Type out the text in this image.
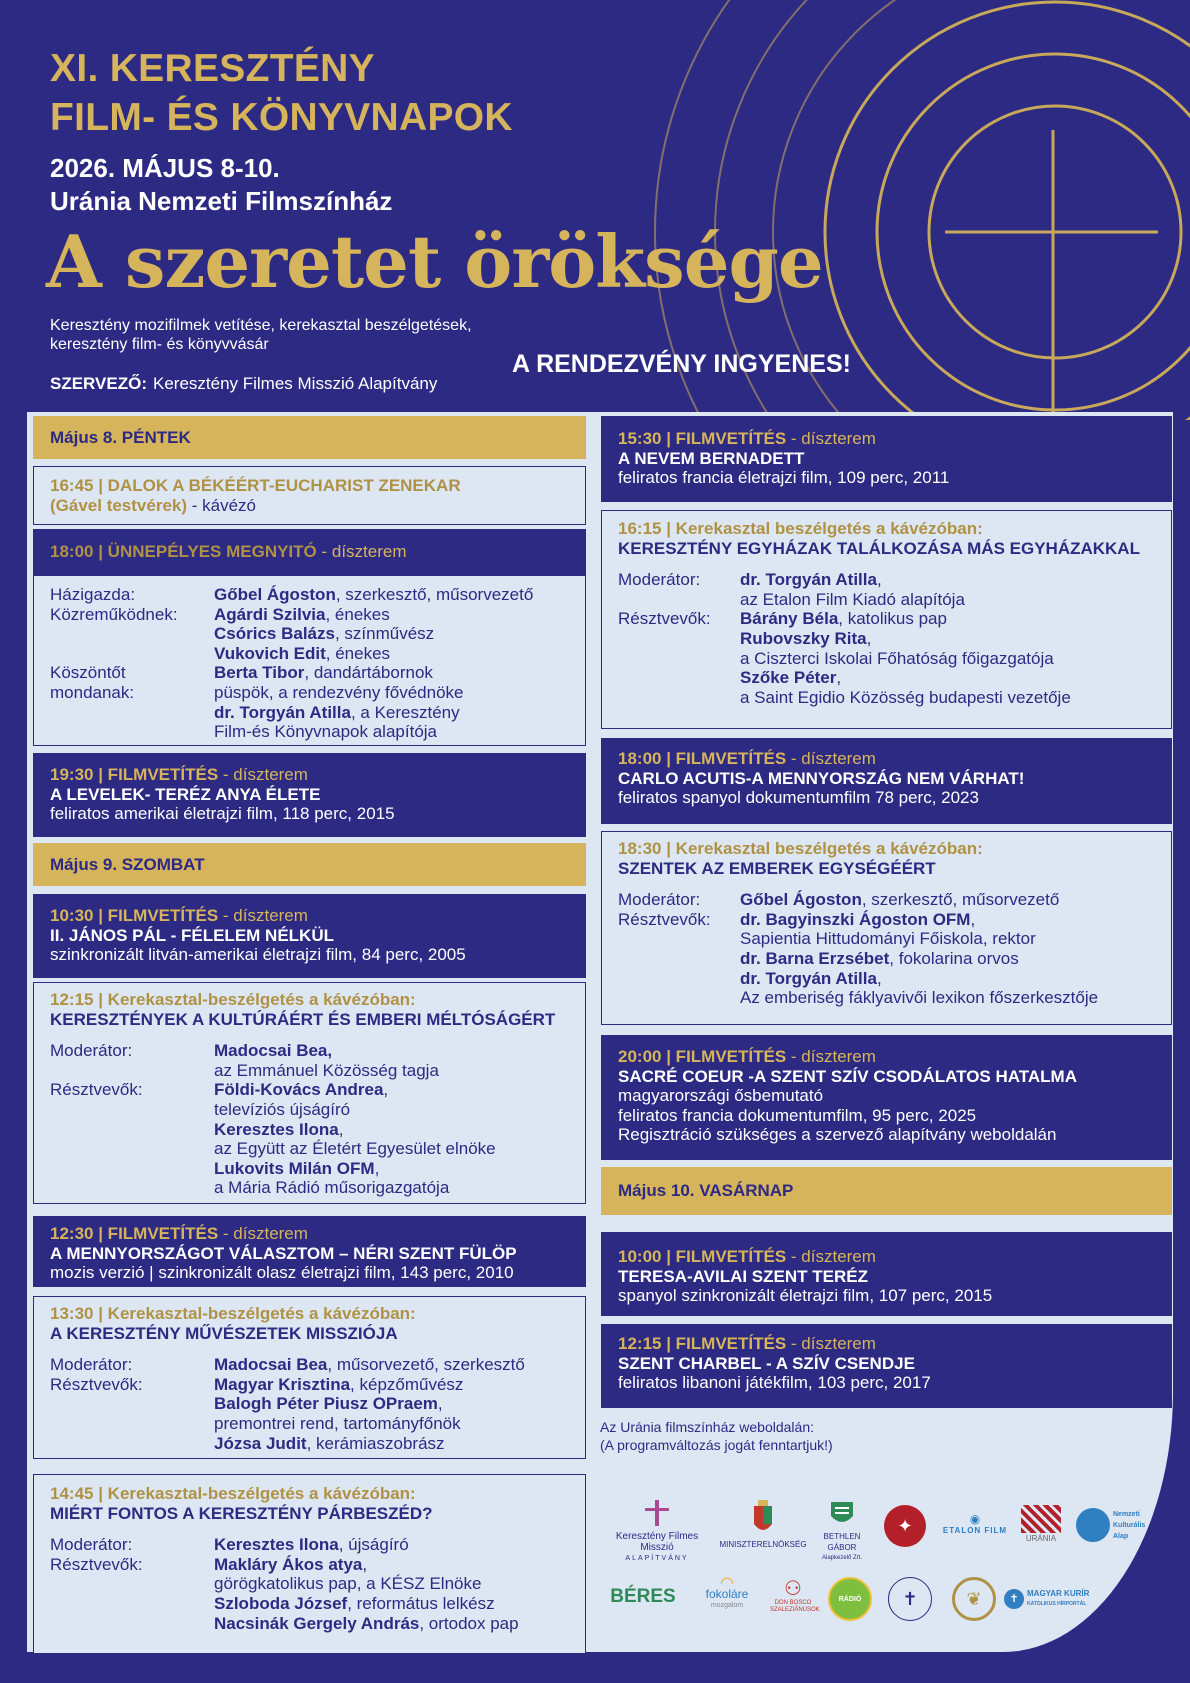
XI. KERESZTÉNY
FILM- ÉS KÖNYVNAPOK
2026. MÁJUS 8-10.
Uránia Nemzeti Filmszínház
A szeretet öröksége
Keresztény mozifilmek vetítése, kerekasztal beszélgetések,
keresztény film- és könyvvásár
SZERVEZŐ: Keresztény Filmes Misszió Alapítvány
A RENDEZVÉNY INGYENES!
Május 8. PÉNTEK
16:45 | DALOK A BÉKÉÉRT-EUCHARIST ZENEKAR
(Gável testvérek) - kávézó
18:00 | ÜNNEPÉLYES MEGNYITÓ - díszterem
Házigazda:	Gőbel Ágoston, szerkesztő, műsorvezető
Közreműködnek:	Agárdi Szilvia, énekes
Csórics Balázs, színművész
Vukovich Edit, énekes
Köszöntőt	Berta Tibor, dandártábornok
mondanak:	püspök, a rendezvény fővédnöke
dr. Torgyán Atilla, a Keresztény
Film-és Könyvnapok alapítója
19:30 | FILMVETÍTÉS - díszterem
A LEVELEK- TERÉZ ANYA ÉLETE
feliratos amerikai életrajzi film, 118 perc, 2015
Május 9. SZOMBAT
10:30 | FILMVETÍTÉS - díszterem
II. JÁNOS PÁL - FÉLELEM NÉLKÜL
szinkronizált litván-amerikai életrajzi film, 84 perc, 2005
12:15 | Kerekasztal-beszélgetés a kávézóban:
KERESZTÉNYEK A KULTÚRÁÉRT ÉS EMBERI MÉLTÓSÁGÉRT
Moderátor:	Madocsai Bea,
az Emmánuel Közösség tagja
Résztvevők:	Földi-Kovács Andrea,
televíziós újságíró
Keresztes Ilona,
az Együtt az Életért Egyesület elnöke
Lukovits Milán OFM,
a Mária Rádió műsorigazgatója
12:30 | FILMVETÍTÉS - díszterem
A MENNYORSZÁGOT VÁLASZTOM – NÉRI SZENT FÜLÖP
mozis verzió | szinkronizált olasz életrajzi film, 143 perc, 2010
13:30 | Kerekasztal-beszélgetés a kávézóban:
A KERESZTÉNY MŰVÉSZETEK MISSZIÓJA
Moderátor:	Madocsai Bea, műsorvezető, szerkesztő
Résztvevők:	Magyar Krisztina, képzőművész
Balogh Péter Piusz OPraem,
premontrei rend, tartományfőnök
Józsa Judit, kerámiaszobrász
14:45 | Kerekasztal-beszélgetés a kávézóban:
MIÉRT FONTOS A KERESZTÉNY PÁRBESZÉD?
Moderátor:	Keresztes Ilona, újságíró
Résztvevők:	Makláry Ákos atya,
görögkatolikus pap, a KÉSZ Elnöke
Szloboda József, református lelkész
Nacsinák Gergely András, ortodox pap
15:30 | FILMVETÍTÉS - díszterem
A NEVEM BERNADETT
feliratos francia életrajzi film, 109 perc, 2011
16:15 | Kerekasztal beszélgetés a kávézóban:
KERESZTÉNY EGYHÁZAK TALÁLKOZÁSA MÁS EGYHÁZAKKAL
Moderátor:	dr. Torgyán Atilla,
az Etalon Film Kiadó alapítója
Résztvevők:	Bárány Béla, katolikus pap
Rubovszky Rita,
a Ciszterci Iskolai Főhatóság főigazgatója
Szőke Péter,
a Saint Egidio Közösség budapesti vezetője
18:00 | FILMVETÍTÉS - díszterem
CARLO ACUTIS-A MENNYORSZÁG NEM VÁRHAT!
feliratos spanyol dokumentumfilm 78 perc, 2023
18:30 | Kerekasztal beszélgetés a kávézóban:
SZENTEK AZ EMBEREK EGYSÉGÉÉRT
Moderátor:	Gőbel Ágoston, szerkesztő, műsorvezető
Résztvevők:	dr. Bagyinszki Ágoston OFM,
Sapientia Hittudományi Főiskola, rektor
dr. Barna Erzsébet, fokolarina orvos
dr. Torgyán Atilla,
Az emberiség fáklyavivői lexikon főszerkesztője
20:00 | FILMVETÍTÉS - díszterem
SACRÉ COEUR -A SZENT SZÍV CSODÁLATOS HATALMA
magyarországi ősbemutató
feliratos francia dokumentumfilm, 95 perc, 2025
Regisztráció szükséges a szervező alapítvány weboldalán
Május 10. VASÁRNAP
10:00 | FILMVETÍTÉS - díszterem
TERESA-AVILAI SZENT TERÉZ
spanyol szinkronizált életrajzi film, 107 perc, 2015
12:15 | FILMVETÍTÉS - díszterem
SZENT CHARBEL - A SZÍV CSENDJE
feliratos libanoni játékfilm, 103 perc, 2017
Az Uránia filmszínház weboldalán:
(A programváltozás jogát fenntartjuk!)
Keresztény Filmes Misszió
ALAPÍTVÁNY
MINISZTERELNÖKSÉG
BETHLEN GÁBOR
Alapkezelő Zrt.
✦	◉
ETALON FILM
URÁNIA
Nemzeti Kulturális Alap
BÉRES
◠
fokoláre
mozgalom
⚇
DON BOSCO SZALEZIÁNUSOK
RÁDIÓ ✝	❦	✝	MAGYAR KURÍR
KATOLIKUS HÍRPORTÁL
